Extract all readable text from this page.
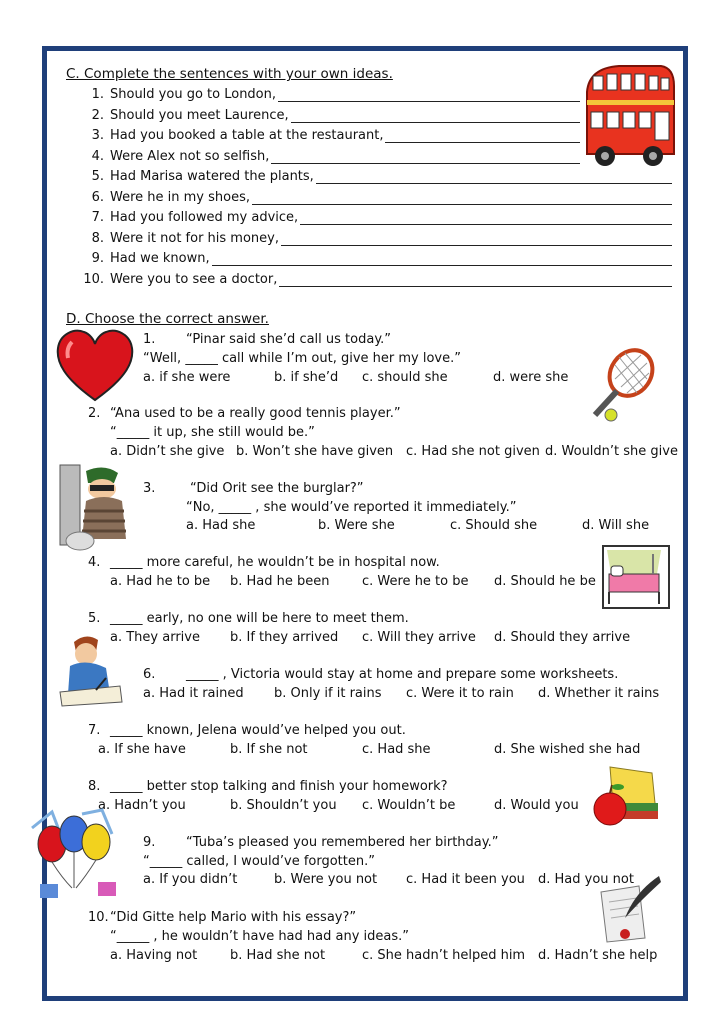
C. Complete the sentences with your own ideas.
1. Should you go to London,
2. Should you meet Laurence,
3. Had you booked a table at the restaurant,
4. Were Alex not so selfish,
5. Had Marisa watered the plants,
6. Were he in my shoes,
7. Had you followed my advice,
8. Were it not for his money,
9. Had we known,
10. Were you to see a doctor,
D. Choose the correct answer.
1. “Pinar said she’d call us today.”
“Well, _____ call while I’m out, give her my love.”
a. if she were	b. if she’d c. should she	d. were she
2. “Ana used to be a really good tennis player.”
“_____ it up, she still would be.”
a. Didn’t she give b. Won’t she have given c. Had she not given d. Wouldn’t she give
3.	“Did Orit see the burglar?”
“No, _____ , she would’ve reported it immediately.”
a. Had she	b. Were she	c. Should she	d. Will she
4. _____ more careful, he wouldn’t be in hospital now.
a. Had he to be b. Had he been	c. Were he to be d. Should he be
5. _____ early, no one will be here to meet them.
a. They arrive b. If they arrived c. Will they arrive d. Should they arrive
6. _____ , Victoria would stay at home and prepare some worksheets.
a. Had it rained b. Only if it rains c. Were it to rain d. Whether it rains
7. _____ known, Jelena would’ve helped you out.
a. If she have	b. If she not	c. Had she	d. She wished she had
8. _____ better stop talking and finish your homework?
a. Hadn’t you	b. Shouldn’t you c. Wouldn’t be	d. Would you
9. “Tuba’s pleased you remembered her birthday.”
“_____ called, I would’ve forgotten.”
a. If you didn’t	b. Were you not c. Had it been you d. Had you not
10. “Did Gitte help Mario with his essay?”
“_____ , he wouldn’t have had had any ideas.”
a. Having not	b. Had she not	c. She hadn’t helped him d. Hadn’t she help
